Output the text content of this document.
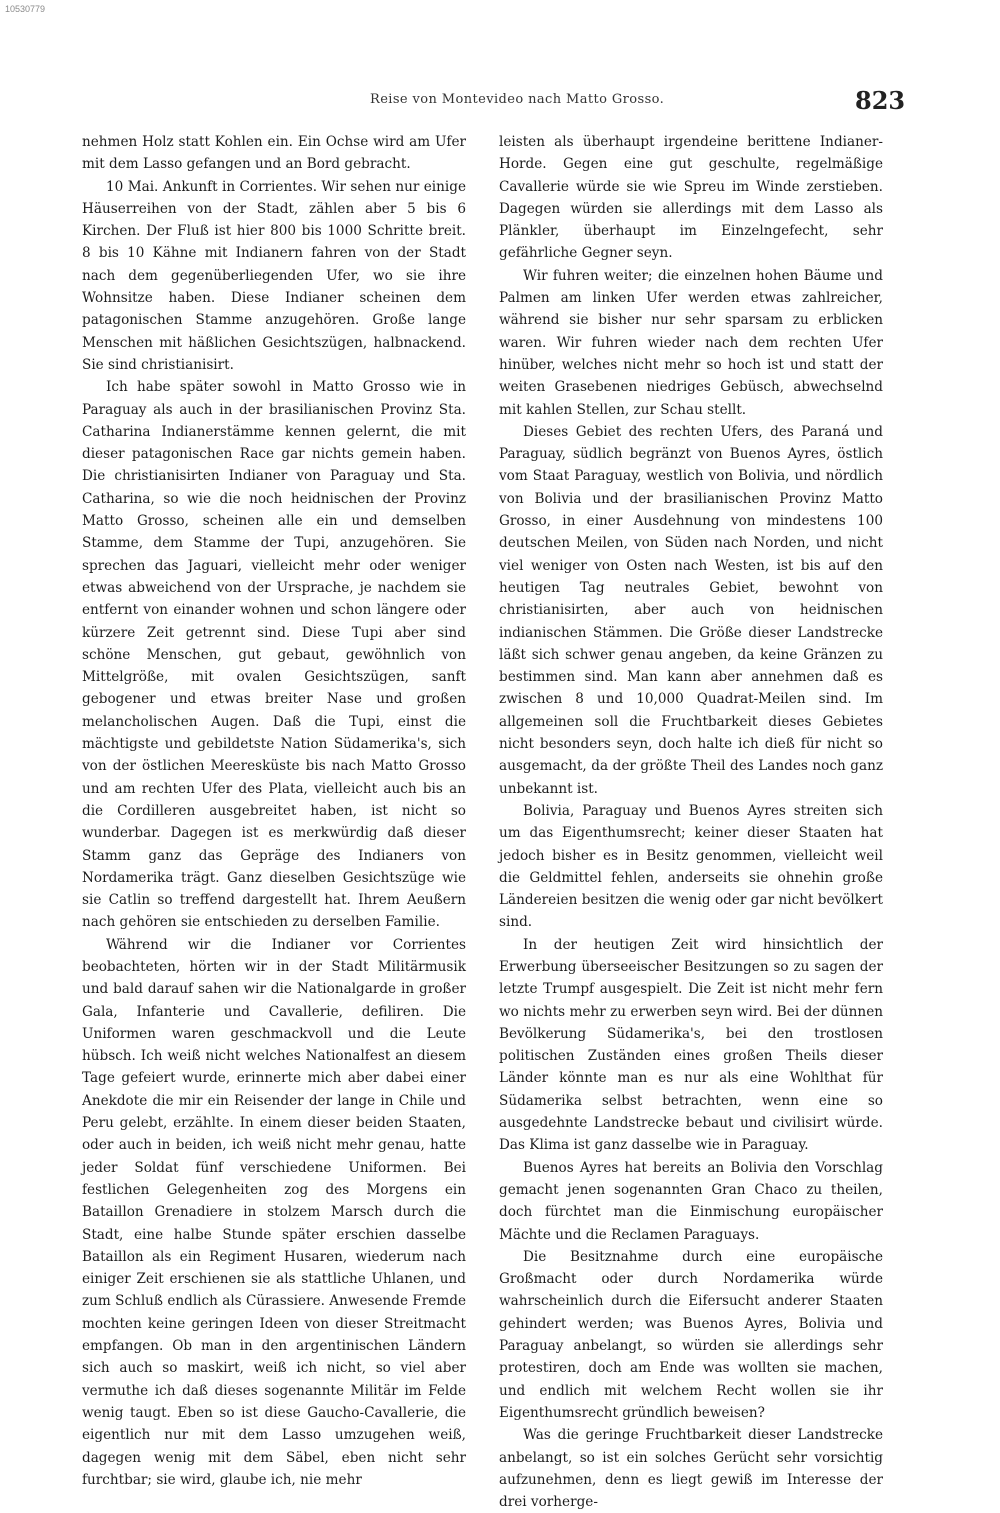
10530779
Reise von Montevideo nach Matto Grosso.	823

nehmen Holz statt Kohlen ein. Ein Ochse wird am Ufer mit dem Lasso gefangen und an Bord gebracht.

10 Mai. Ankunft in Corrientes. Wir sehen nur einige Häuserreihen von der Stadt, zählen aber 5 bis 6 Kirchen. Der Fluß ist hier 800 bis 1000 Schritte breit. 8 bis 10 Kähne mit Indianern fahren von der Stadt nach dem gegenüberliegenden Ufer, wo sie ihre Wohnsitze haben. Diese Indianer scheinen dem patagonischen Stamme anzugehören. Große lange Menschen mit häßlichen Gesichtszügen, halbnackend. Sie sind christianisirt.

Ich habe später sowohl in Matto Grosso wie in Paraguay als auch in der brasilianischen Provinz Sta. Catharina Indianerstämme kennen gelernt, die mit dieser patagonischen Race gar nichts gemein haben. Die christianisirten Indianer von Paraguay und Sta. Catharina, so wie die noch heidnischen der Provinz Matto Grosso, scheinen alle ein und demselben Stamme, dem Stamme der Tupi, anzugehören. Sie sprechen das Jaguari, vielleicht mehr oder weniger etwas abweichend von der Ursprache, je nachdem sie entfernt von einander wohnen und schon längere oder kürzere Zeit getrennt sind. Diese Tupi aber sind schöne Menschen, gut gebaut, gewöhnlich von Mittelgröße, mit ovalen Gesichtszügen, sanft gebogener und etwas breiter Nase und großen melancholischen Augen. Daß die Tupi, einst die mächtigste und gebildetste Nation Südamerika's, sich von der östlichen Meeresküste bis nach Matto Grosso und am rechten Ufer des Plata, vielleicht auch bis an die Cordilleren ausgebreitet haben, ist nicht so wunderbar. Dagegen ist es merkwürdig daß dieser Stamm ganz das Gepräge des Indianers von Nordamerika trägt. Ganz dieselben Gesichtszüge wie sie Catlin so treffend dargestellt hat. Ihrem Aeußern nach gehören sie entschieden zu derselben Familie.

Während wir die Indianer vor Corrientes beobachteten, hörten wir in der Stadt Militärmusik und bald darauf sahen wir die Nationalgarde in großer Gala, Infanterie und Cavallerie, defiliren. Die Uniformen waren geschmackvoll und die Leute hübsch. Ich weiß nicht welches Nationalfest an diesem Tage gefeiert wurde, erinnerte mich aber dabei einer Anekdote die mir ein Reisender der lange in Chile und Peru gelebt, erzählte. In einem dieser beiden Staaten, oder auch in beiden, ich weiß nicht mehr genau, hatte jeder Soldat fünf verschiedene Uniformen. Bei festlichen Gelegenheiten zog des Morgens ein Bataillon Grenadiere in stolzem Marsch durch die Stadt, eine halbe Stunde später erschien dasselbe Bataillon als ein Regiment Husaren, wiederum nach einiger Zeit erschienen sie als stattliche Uhlanen, und zum Schluß endlich als Cürassiere. Anwesende Fremde mochten keine geringen Ideen von dieser Streitmacht empfangen. Ob man in den argentinischen Ländern sich auch so maskirt, weiß ich nicht, so viel aber vermuthe ich daß dieses sogenannte Militär im Felde wenig taugt. Eben so ist diese Gaucho-Cavallerie, die eigentlich nur mit dem Lasso umzugehen weiß, dagegen wenig mit dem Säbel, eben nicht sehr furchtbar; sie wird, glaube ich, nie mehr

leisten als überhaupt irgendeine berittene Indianer-Horde. Gegen eine gut geschulte, regelmäßige Cavallerie würde sie wie Spreu im Winde zerstieben. Dagegen würden sie allerdings mit dem Lasso als Plänkler, überhaupt im Einzelngefecht, sehr gefährliche Gegner seyn.

Wir fuhren weiter; die einzelnen hohen Bäume und Palmen am linken Ufer werden etwas zahlreicher, während sie bisher nur sehr sparsam zu erblicken waren. Wir fuhren wieder nach dem rechten Ufer hinüber, welches nicht mehr so hoch ist und statt der weiten Grasebenen niedriges Gebüsch, abwechselnd mit kahlen Stellen, zur Schau stellt.

Dieses Gebiet des rechten Ufers, des Paraná und Paraguay, südlich begränzt von Buenos Ayres, östlich vom Staat Paraguay, westlich von Bolivia, und nördlich von Bolivia und der brasilianischen Provinz Matto Grosso, in einer Ausdehnung von mindestens 100 deutschen Meilen, von Süden nach Norden, und nicht viel weniger von Osten nach Westen, ist bis auf den heutigen Tag neutrales Gebiet, bewohnt von christianisirten, aber auch von heidnischen indianischen Stämmen. Die Größe dieser Landstrecke läßt sich schwer genau angeben, da keine Gränzen zu bestimmen sind. Man kann aber annehmen daß es zwischen 8 und 10,000 Quadrat-Meilen sind. Im allgemeinen soll die Fruchtbarkeit dieses Gebietes nicht besonders seyn, doch halte ich dieß für nicht so ausgemacht, da der größte Theil des Landes noch ganz unbekannt ist.

Bolivia, Paraguay und Buenos Ayres streiten sich um das Eigenthumsrecht; keiner dieser Staaten hat jedoch bisher es in Besitz genommen, vielleicht weil die Geldmittel fehlen, anderseits sie ohnehin große Ländereien besitzen die wenig oder gar nicht bevölkert sind.

In der heutigen Zeit wird hinsichtlich der Erwerbung überseeischer Besitzungen so zu sagen der letzte Trumpf ausgespielt. Die Zeit ist nicht mehr fern wo nichts mehr zu erwerben seyn wird. Bei der dünnen Bevölkerung Südamerika's, bei den trostlosen politischen Zuständen eines großen Theils dieser Länder könnte man es nur als eine Wohlthat für Südamerika selbst betrachten, wenn eine so ausgedehnte Landstrecke bebaut und civilisirt würde. Das Klima ist ganz dasselbe wie in Paraguay.

Buenos Ayres hat bereits an Bolivia den Vorschlag gemacht jenen sogenannten Gran Chaco zu theilen, doch fürchtet man die Einmischung europäischer Mächte und die Reclamen Paraguays.

Die Besitznahme durch eine europäische Großmacht oder durch Nordamerika würde wahrscheinlich durch die Eifersucht anderer Staaten gehindert werden; was Buenos Ayres, Bolivia und Paraguay anbelangt, so würden sie allerdings sehr protestiren, doch am Ende was wollten sie machen, und endlich mit welchem Recht wollen sie ihr Eigenthumsrecht gründlich beweisen?

Was die geringe Fruchtbarkeit dieser Landstrecke anbelangt, so ist ein solches Gerücht sehr vorsichtig aufzunehmen, denn es liegt gewiß im Interesse der drei vorherge-
